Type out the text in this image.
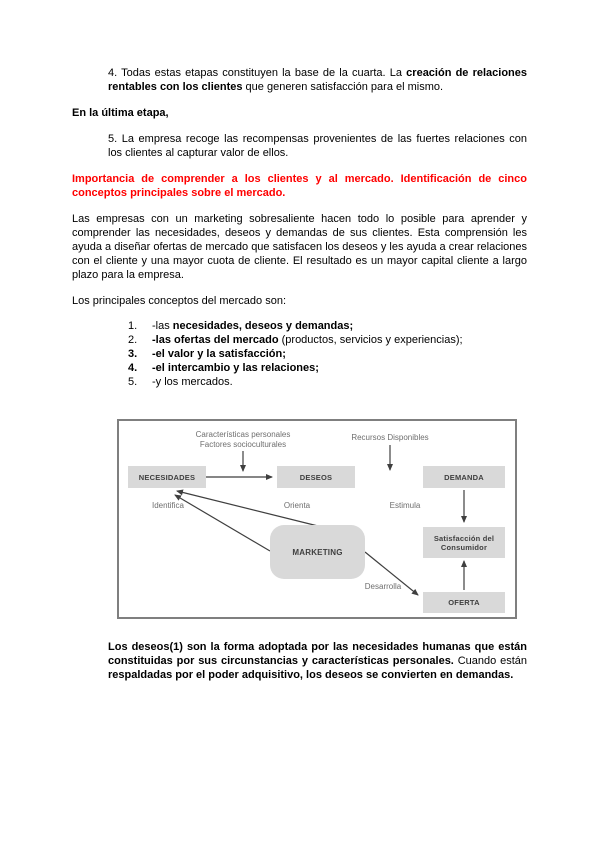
4. Todas estas etapas constituyen la base de la cuarta. La creación de relaciones rentables con los clientes que generen satisfacción para el mismo.

En la última etapa,

5. La empresa recoge las recompensas provenientes de las fuertes relaciones con los clientes al capturar valor de ellos.

Importancia de comprender a los clientes y al mercado. Identificación de cinco conceptos principales sobre el mercado.

Las empresas con un marketing sobresaliente hacen todo lo posible para aprender y comprender las necesidades, deseos y demandas de sus clientes. Esta comprensión les ayuda a diseñar ofertas de mercado que satisfacen los deseos y les ayuda a crear relaciones con el cliente y una mayor cuota de cliente. El resultado es un mayor capital cliente a largo plazo para la empresa.

Los principales conceptos del mercado son:

1.	-las necesidades, deseos y demandas;
2.	-las ofertas del mercado (productos, servicios y experiencias);
3.	-el valor y la satisfacción;
4.	-el intercambio y las relaciones;
5.	-y los mercados.
Características personales
Factores socioculturales
Recursos Disponibles
NECESIDADES	DESEOS	DEMANDA
Identifica	Orienta	Estimula
MARKETING
Satisfacción del Consumidor
Desarrolla
OFERTA

Los deseos(1) son la forma adoptada por las necesidades humanas que están constituidas por sus circunstancias y características personales. Cuando están respaldadas por el poder adquisitivo, los deseos se convierten en demandas.
